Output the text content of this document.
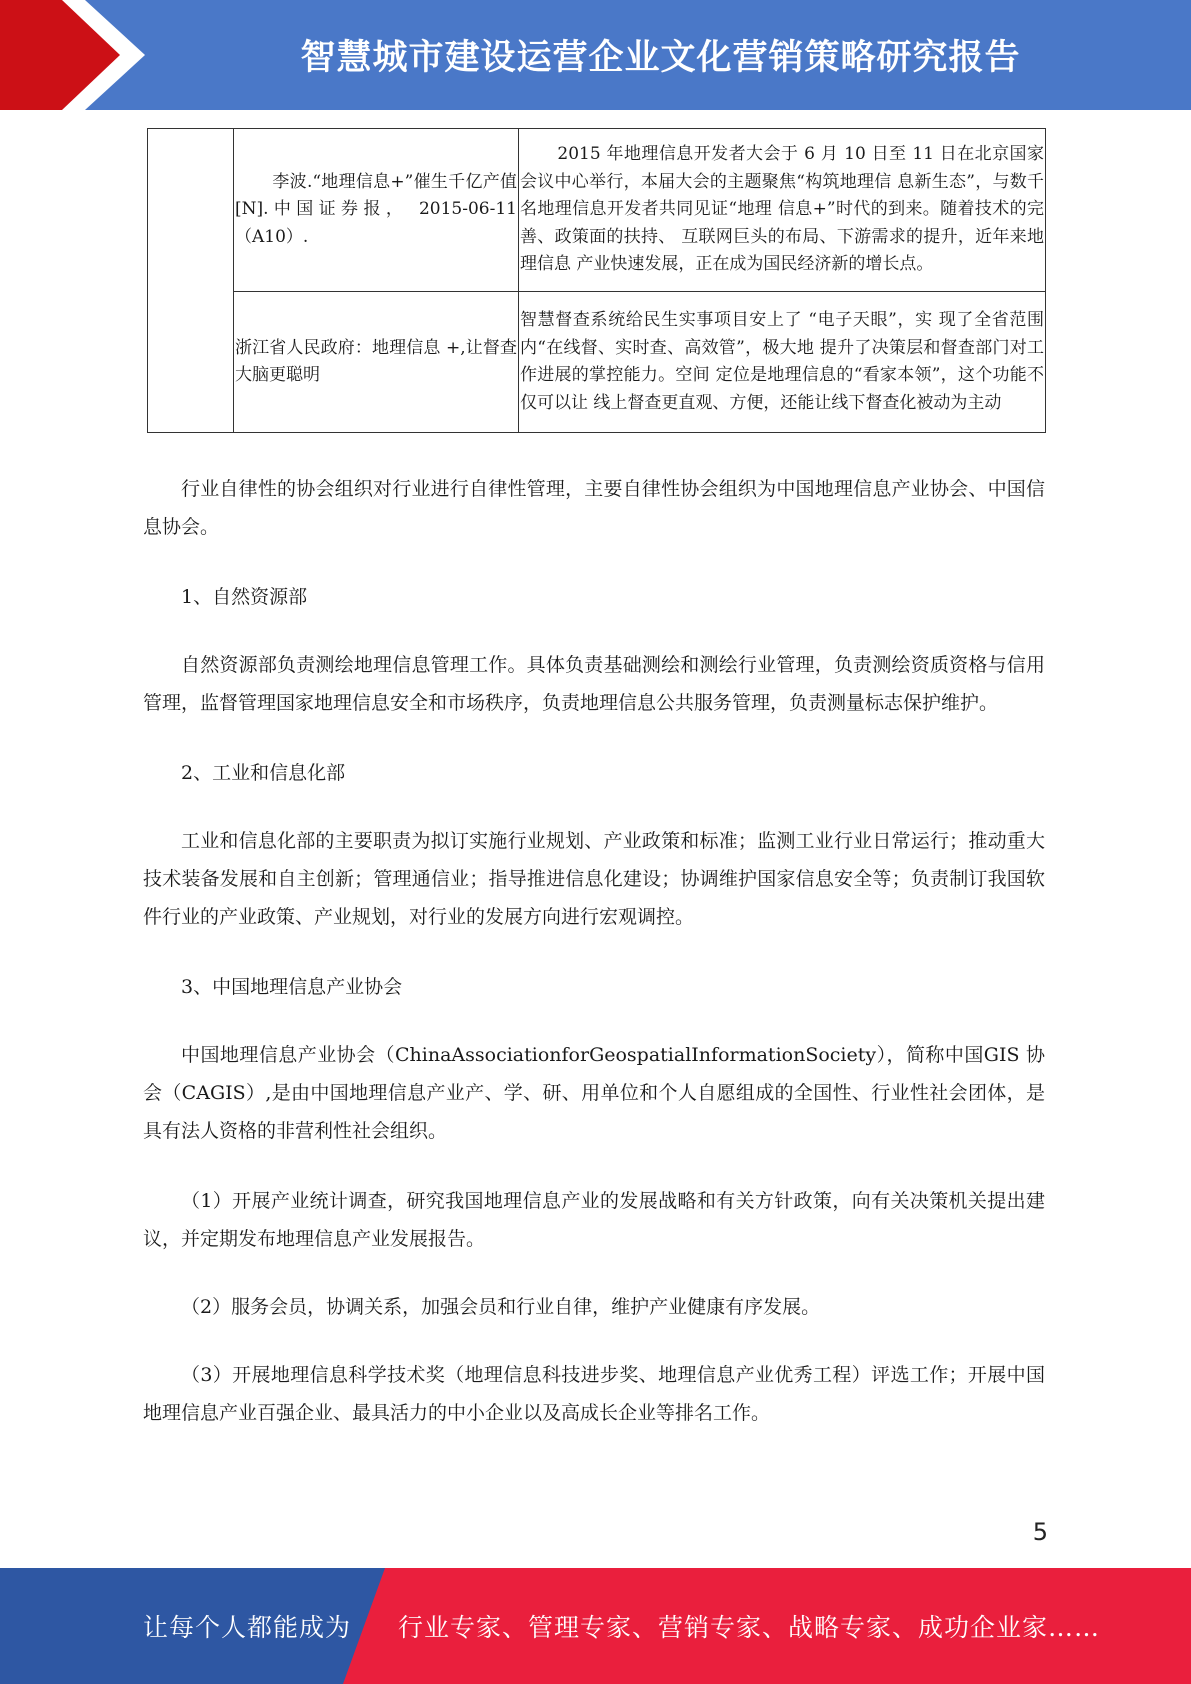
智慧城市建设运营企业文化营销策略研究报告
	李波.“地理信息+”催生千亿产值[N].中国证券报， 2015-06-11（A10）.	2015 年地理信息开发者大会于 6 月 10 日至 11 日在北京国家会议中心举行，本届大会的主题聚焦“构筑地理信 息新生态”，与数千名地理信息开发者共同见证“地理 信息+”时代的到来。随着技术的完善、政策面的扶持、 互联网巨头的布局、下游需求的提升，近年来地理信息 产业快速发展，正在成为国民经济新的增长点。
	浙江省人民政府：地理信息 +,让督查大脑更聪明	智慧督查系统给民生实事项目安上了 “电子天眼”，实 现了全省范围内“在线督、实时查、高效管”，极大地 提升了决策层和督查部门对工作进展的掌控能力。空间 定位是地理信息的“看家本领”，这个功能不仅可以让 线上督查更直观、方便，还能让线下督查化被动为主动

行业自律性的协会组织对行业进行自律性管理，主要自律性协会组织为中国地理信息产业协会、中国信息协会。

1、自然资源部

自然资源部负责测绘地理信息管理工作。具体负责基础测绘和测绘行业管理，负责测绘资质资格与信用管理，监督管理国家地理信息安全和市场秩序，负责地理信息公共服务管理，负责测量标志保护维护。

2、工业和信息化部

工业和信息化部的主要职责为拟订实施行业规划、产业政策和标准；监测工业行业日常运行；推动重大技术装备发展和自主创新；管理通信业；指导推进信息化建设；协调维护国家信息安全等；负责制订我国软件行业的产业政策、产业规划，对行业的发展方向进行宏观调控。

3、中国地理信息产业协会

中国地理信息产业协会（ChinaAssociationforGeospatialInformationSociety），简称中国GIS 协会（CAGIS）,是由中国地理信息产业产、学、研、用单位和个人自愿组成的全国性、行业性社会团体，是具有法人资格的非营利性社会组织。

（1）开展产业统计调查，研究我国地理信息产业的发展战略和有关方针政策，向有关决策机关提出建议，并定期发布地理信息产业发展报告。

（2）服务会员，协调关系，加强会员和行业自律，维护产业健康有序发展。

（3）开展地理信息科学技术奖（地理信息科技进步奖、地理信息产业优秀工程）评选工作；开展中国地理信息产业百强企业、最具活力的中小企业以及高成长企业等排名工作。

5
让每个人都能成为 行业专家、管理专家、营销专家、战略专家、成功企业家……
